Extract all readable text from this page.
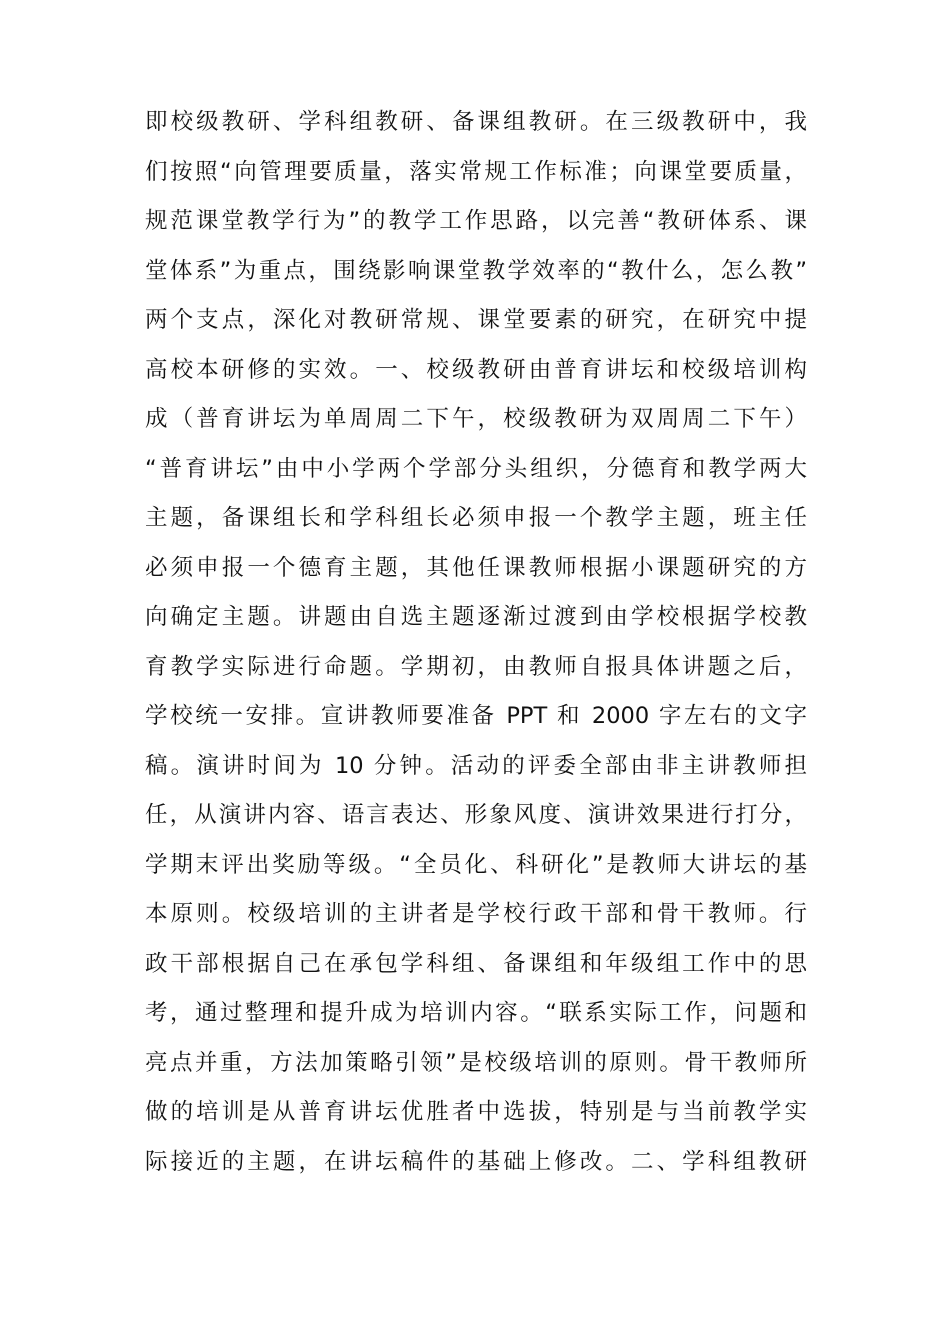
即校级教研、学科组教研、备课组教研。在三级教研中，我
们按照“向管理要质量，落实常规工作标准；向课堂要质量，
规范课堂教学行为”的教学工作思路，以完善“教研体系、课
堂体系”为重点，围绕影响课堂教学效率的“教什么，怎么教”
两个支点，深化对教研常规、课堂要素的研究，在研究中提
高校本研修的实效。一、校级教研由普育讲坛和校级培训构
成（普育讲坛为单周周二下午，校级教研为双周周二下午）
“普育讲坛”由中小学两个学部分头组织，分德育和教学两大
主题，备课组长和学科组长必须申报一个教学主题，班主任
必须申报一个德育主题，其他任课教师根据小课题研究的方
向确定主题。讲题由自选主题逐渐过渡到由学校根据学校教
育教学实际进行命题。学期初，由教师自报具体讲题之后，
学校统一安排。宣讲教师要准备 PPT 和 2000 字左右的文字
稿。演讲时间为 10 分钟。活动的评委全部由非主讲教师担
任，从演讲内容、语言表达、形象风度、演讲效果进行打分，
学期末评出奖励等级。“全员化、科研化”是教师大讲坛的基
本原则。校级培训的主讲者是学校行政干部和骨干教师。行
政干部根据自己在承包学科组、备课组和年级组工作中的思
考，通过整理和提升成为培训内容。“联系实际工作，问题和
亮点并重，方法加策略引领”是校级培训的原则。骨干教师所
做的培训是从普育讲坛优胜者中选拔，特别是与当前教学实
际接近的主题，在讲坛稿件的基础上修改。二、学科组教研
